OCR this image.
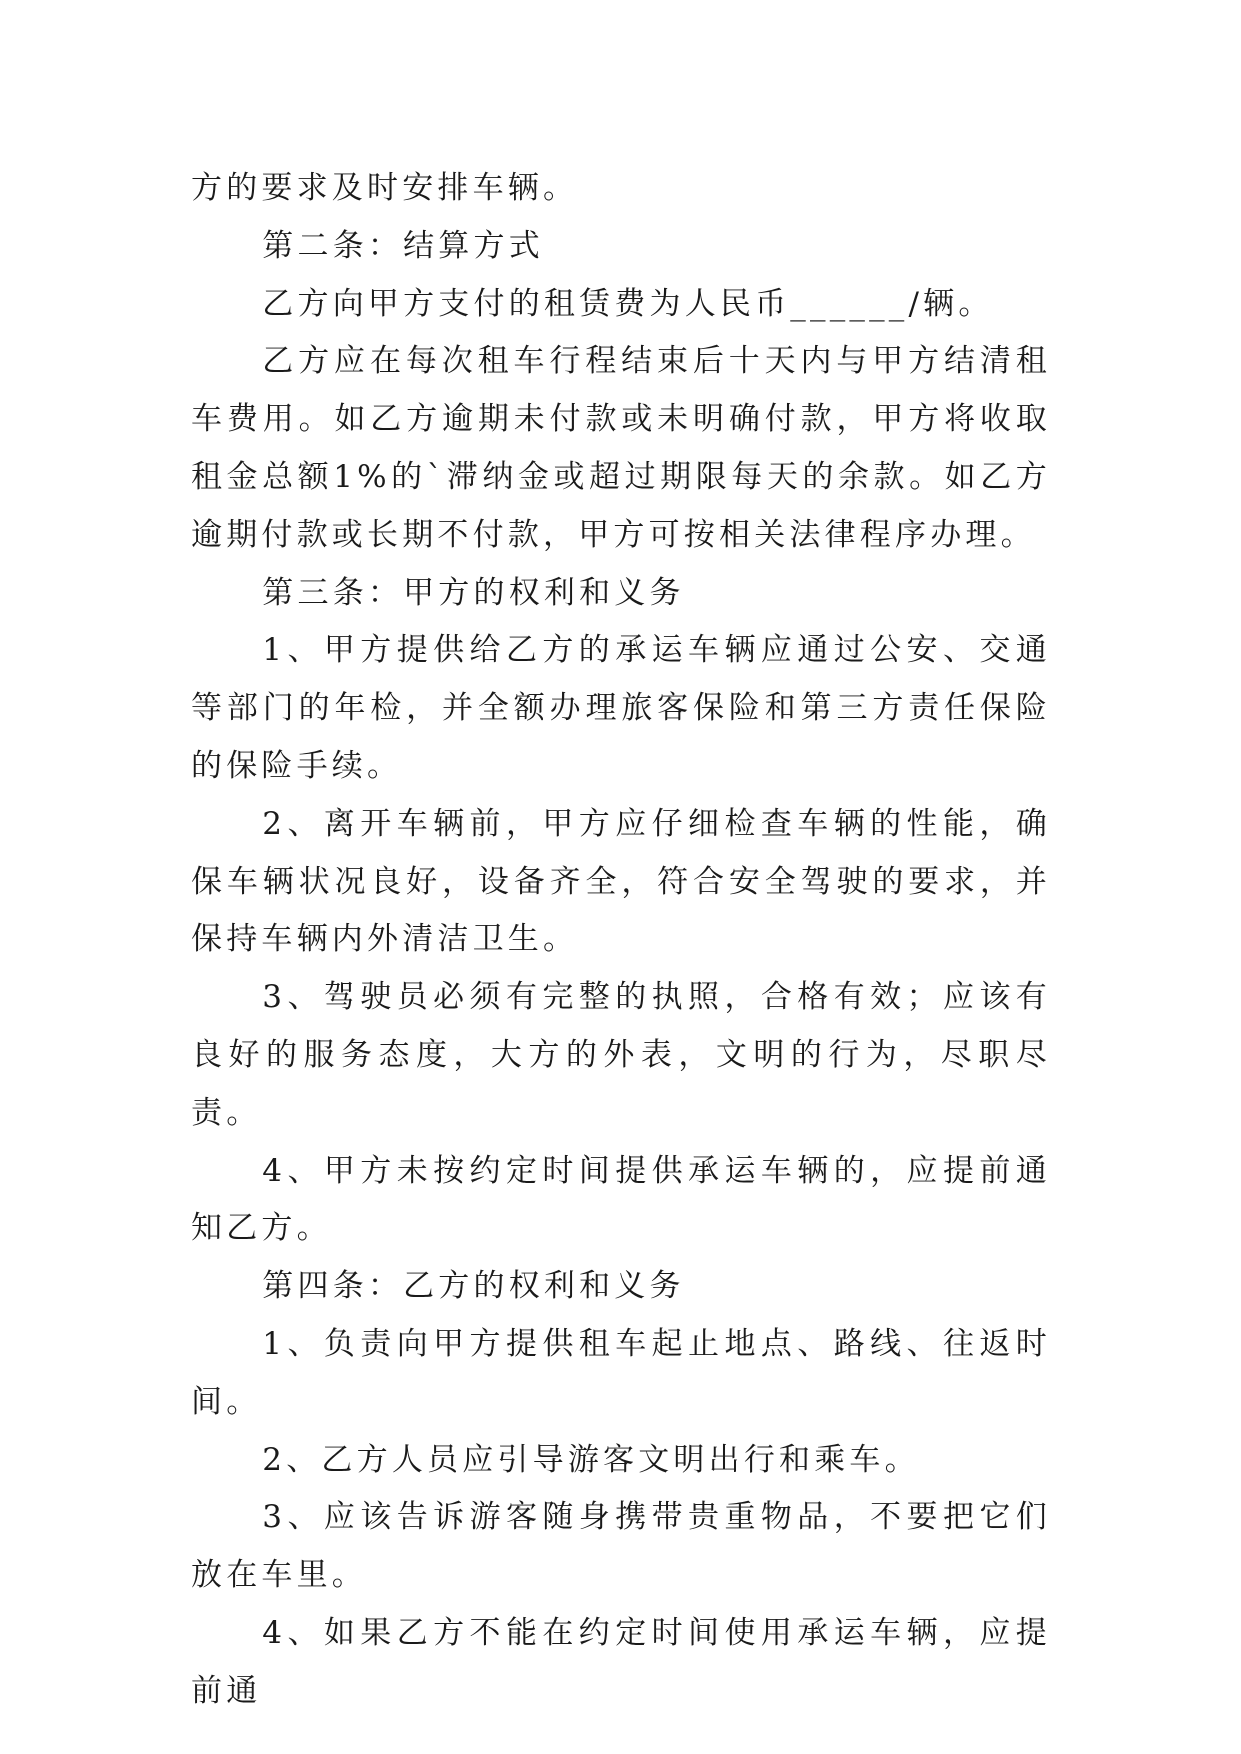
方的要求及时安排车辆。

第二条：结算方式

乙方向甲方支付的租赁费为人民币______/辆。

乙方应在每次租车行程结束后十天内与甲方结清租车费用。如乙方逾期未付款或未明确付款，甲方将收取租金总额1%的`滞纳金或超过期限每天的余款。如乙方逾期付款或长期不付款，甲方可按相关法律程序办理。

第三条：甲方的权利和义务

1、甲方提供给乙方的承运车辆应通过公安、交通等部门的年检，并全额办理旅客保险和第三方责任保险的保险手续。

2、离开车辆前，甲方应仔细检查车辆的性能，确保车辆状况良好，设备齐全，符合安全驾驶的要求，并保持车辆内外清洁卫生。

3、驾驶员必须有完整的执照，合格有效；应该有良好的服务态度，大方的外表，文明的行为，尽职尽责。

4、甲方未按约定时间提供承运车辆的，应提前通知乙方。

第四条：乙方的权利和义务

1、负责向甲方提供租车起止地点、路线、往返时间。

2、乙方人员应引导游客文明出行和乘车。

3、应该告诉游客随身携带贵重物品，不要把它们放在车里。

4、如果乙方不能在约定时间使用承运车辆，应提前通
